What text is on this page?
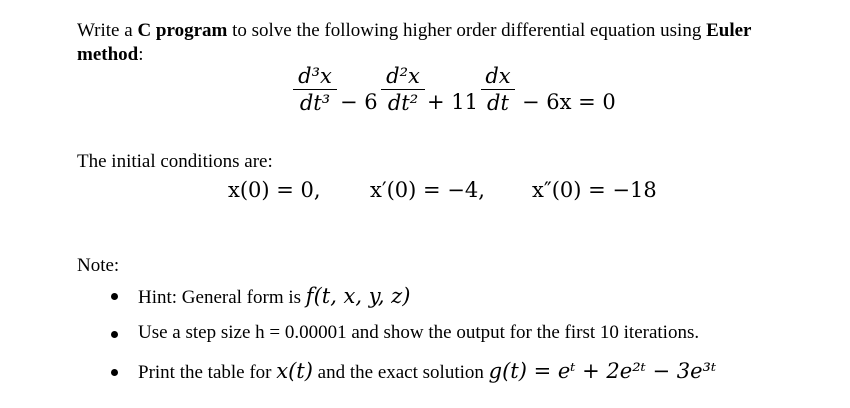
Write a C program to solve the following higher order differential equation using Euler
method:
d³x
dt³ − 6
d²x
dt² + 11
dx
dt − 6x = 0
The initial conditions are:
x(0) = 0, x′(0) = −4, x″(0) = −18
Note:
Hint: General form is f(t, x, y, z)
Use a step size h = 0.00001 and show the output for the first 10 iterations.
Print the table for x(t) and the exact solution g(t) = eᵗ + 2e²ᵗ − 3e³ᵗ
